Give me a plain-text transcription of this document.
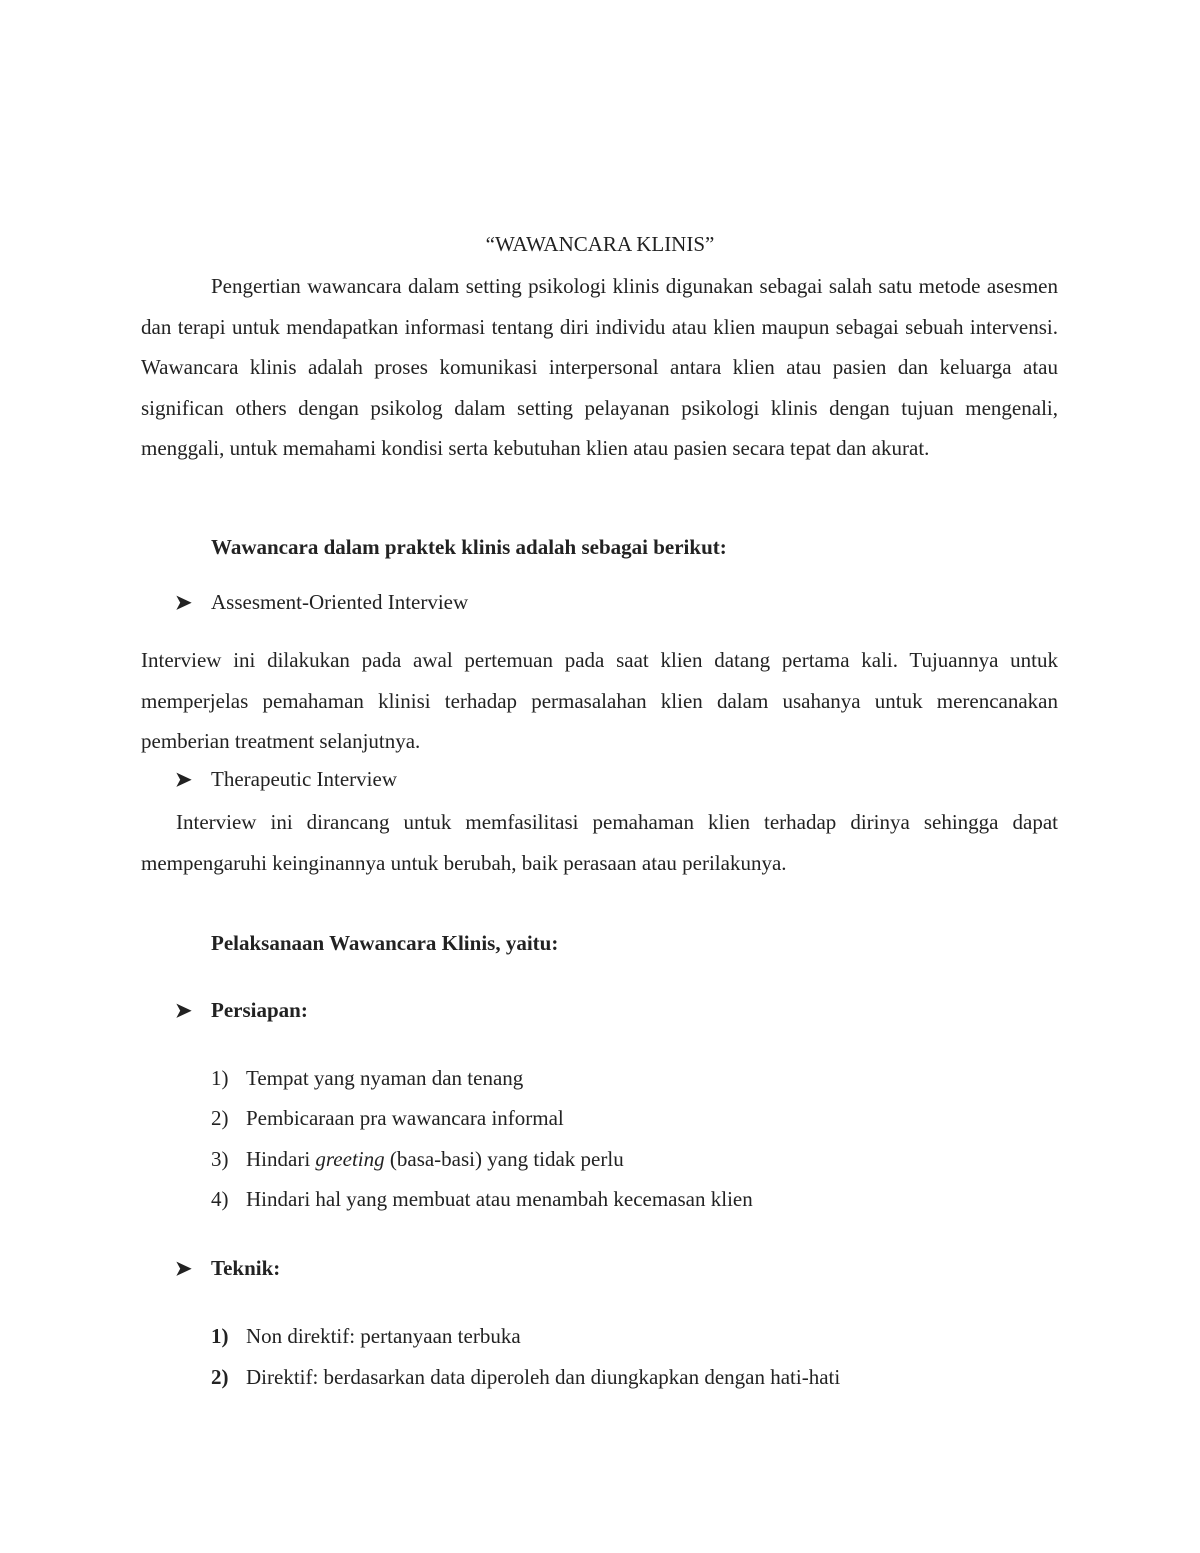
“WAWANCARA KLINIS”

Pengertian wawancara dalam setting psikologi klinis digunakan sebagai salah satu metode asesmen dan terapi untuk mendapatkan informasi tentang diri individu atau klien maupun sebagai sebuah intervensi. Wawancara klinis adalah proses komunikasi interpersonal antara klien atau pasien dan keluarga atau significan others dengan psikolog dalam setting pelayanan psikologi klinis dengan tujuan mengenali, menggali, untuk memahami kondisi serta kebutuhan klien atau pasien secara tepat dan akurat.

Wawancara dalam praktek klinis adalah sebagai berikut:
➤ Assesment-Oriented Interview

Interview ini dilakukan pada awal pertemuan pada saat klien datang pertama kali. Tujuannya untuk memperjelas pemahaman klinisi terhadap permasalahan klien dalam usahanya untuk merencanakan pemberian treatment selanjutnya.

➤ Therapeutic Interview

Interview ini dirancang untuk memfasilitasi pemahaman klien terhadap dirinya sehingga dapat mempengaruhi keinginannya untuk berubah, baik perasaan atau perilakunya.

Pelaksanaan Wawancara Klinis, yaitu:
➤ Persiapan:
1) Tempat yang nyaman dan tenang
2) Pembicaraan pra wawancara informal
3) Hindari greeting (basa-basi) yang tidak perlu
4) Hindari hal yang membuat atau menambah kecemasan klien
➤ Teknik:
1) Non direktif: pertanyaan terbuka
2) Direktif: berdasarkan data diperoleh dan diungkapkan dengan hati-hati
